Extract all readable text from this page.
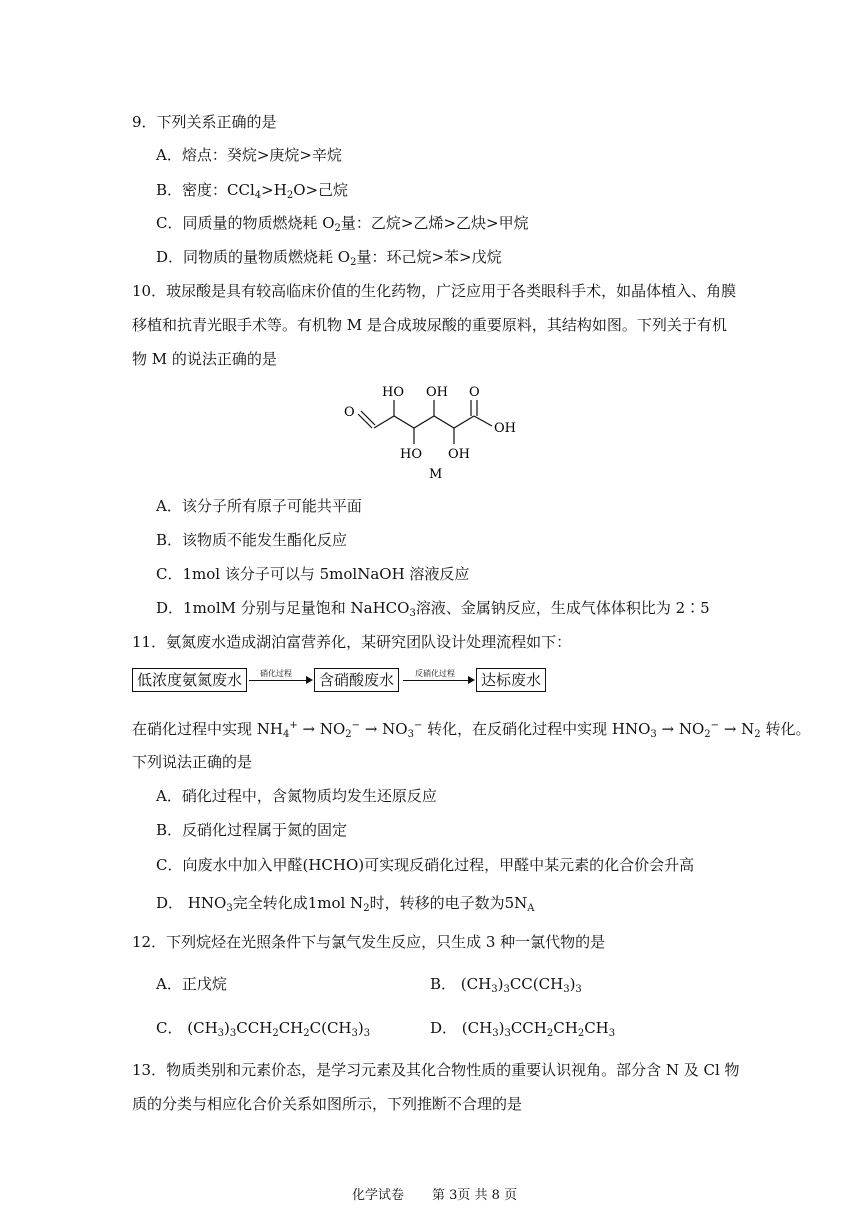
9．下列关系正确的是
A．熔点：癸烷>庚烷>辛烷
B．密度：$CCl_4>H_2O>$己烷
C．同质量的物质燃烧耗 $O_2$量：乙烷>乙烯>乙炔>甲烷
D．同物质的量物质燃烧耗 $O_2$量：环己烷>苯>戊烷
10．玻尿酸是具有较高临床价值的生化药物，广泛应用于各类眼科手术，如晶体植入、角膜
移植和抗青光眼手术等。有机物 M 是合成玻尿酸的重要原料，其结构如图。下列关于有机
物 M 的说法正确的是
O
HO OH O
OH
HO OH
M
A．该分子所有原子可能共平面
B．该物质不能发生酯化反应
C．1mol 该分子可以与 5molNaOH 溶液反应
D．1molM 分别与足量饱和 NaHCO$_3$溶液、金属钠反应，生成气体体积比为 2∶5
11．氨氮废水造成湖泊富营养化，某研究团队设计处理流程如下：
低浓度氨氮废水	硝化过程	含硝酸废水	反硝化过程	达标废水
在硝化过程中实现 $NH_4^+ \to NO_2^- \to NO_3^-$ 转化，在反硝化过程中实现 $HNO_3 \to NO_2^- \to N_2$ 转化。
下列说法正确的是
A．硝化过程中，含氮物质均发生还原反应
B．反硝化过程属于氮的固定
C．向废水中加入甲醛(HCHO)可实现反硝化过程，甲醛中某元素的化合价会升高
D． $HNO_3$完全转化成1mol $N_2$时，转移的电子数为$5N_A$
12．下列烷烃在光照条件下与氯气发生反应，只生成 3 种一氯代物的是
A．正戊烷	B． $(CH_3)_3CC(CH_3)_3$
C． $(CH_3)_3CCH_2CH_2C(CH_3)_3$	D． $(CH_3)_3CCH_2CH_2CH_3$
13．物质类别和元素价态，是学习元素及其化合物性质的重要认识视角。部分含 N 及 Cl 物
质的分类与相应化合价关系如图所示，下列推断不合理的是
化学试卷 第 3页 共 8 页
